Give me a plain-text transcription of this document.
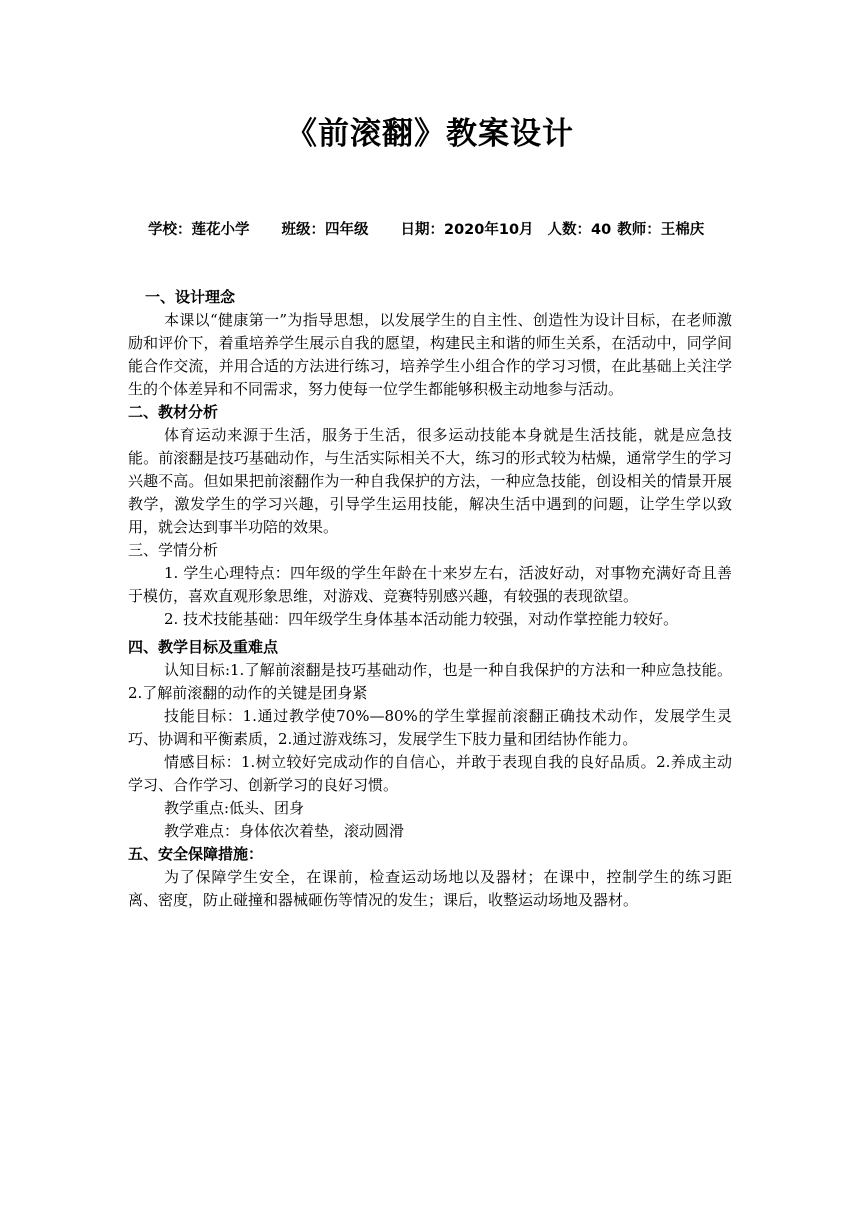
《前滚翻》教案设计
学校：莲花小学 班级：四年级 日期：2020年10月 人数：40 教师：王棉庆

一、设计理念

本课以“健康第一”为指导思想，以发展学生的自主性、创造性为设计目标，在老师激励和评价下，着重培养学生展示自我的愿望，构建民主和谐的师生关系，在活动中，同学间能合作交流，并用合适的方法进行练习，培养学生小组合作的学习习惯，在此基础上关注学生的个体差异和不同需求，努力使每一位学生都能够积极主动地参与活动。

二、教材分析

体育运动来源于生活，服务于生活，很多运动技能本身就是生活技能，就是应急技能。前滚翻是技巧基础动作，与生活实际相关不大，练习的形式较为枯燥，通常学生的学习兴趣不高。但如果把前滚翻作为一种自我保护的方法，一种应急技能，创设相关的情景开展教学，激发学生的学习兴趣，引导学生运用技能，解决生活中遇到的问题，让学生学以致用，就会达到事半功陪的效果。

三、学情分析

1. 学生心理特点：四年级的学生年龄在十来岁左右，活波好动，对事物充满好奇且善于模仿，喜欢直观形象思维，对游戏、竞赛特别感兴趣，有较强的表现欲望。

2. 技术技能基础：四年级学生身体基本活动能力较强，对动作掌控能力较好。

四、教学目标及重难点

认知目标:1.了解前滚翻是技巧基础动作，也是一种自我保护的方法和一种应急技能。2.了解前滚翻的动作的关键是团身紧

技能目标：1.通过教学使70%—80%的学生掌握前滚翻正确技术动作，发展学生灵巧、协调和平衡素质，2.通过游戏练习，发展学生下肢力量和团结协作能力。

情感目标：1.树立较好完成动作的自信心，并敢于表现自我的良好品质。2.养成主动学习、合作学习、创新学习的良好习惯。

教学重点:低头、团身

教学难点：身体依次着垫，滚动圆滑

五、安全保障措施：

为了保障学生安全，在课前，检查运动场地以及器材；在课中，控制学生的练习距离、密度，防止碰撞和器械砸伤等情况的发生；课后，收整运动场地及器材。
